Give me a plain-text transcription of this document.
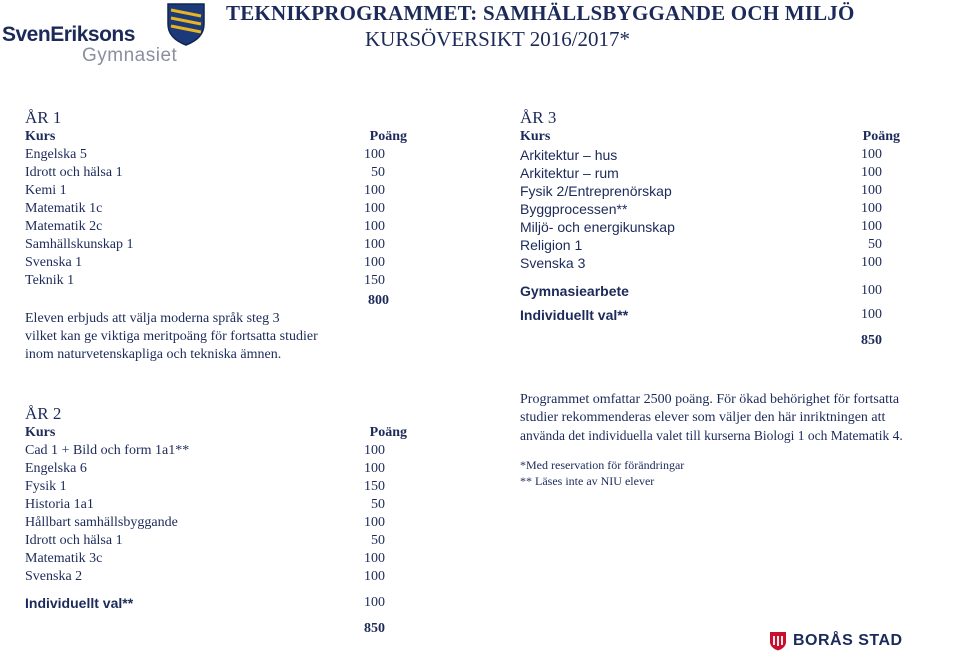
SvenEriksons
Gymnasiet
TEKNIKPROGRAMMET: SAMHÄLLSBYGGANDE OCH MILJÖ
KURSÖVERSIKT 2016/2017*
ÅR 1
Kurs	Poäng
Engelska 5	100
Idrott och hälsa 1	50
Kemi 1	100
Matematik 1c	100
Matematik 2c	100
Samhällskunskap 1	100
Svenska 1	100
Teknik 1	150
800
Eleven erbjuds att välja moderna språk steg 3
vilket kan ge viktiga meritpoäng för fortsatta studier
inom naturvetenskapliga och tekniska ämnen.
ÅR 2
Kurs	Poäng
Cad 1 + Bild och form 1a1**	100
Engelska 6	100
Fysik 1	150
Historia 1a1	50
Hållbart samhällsbyggande	100
Idrott och hälsa 1	50
Matematik 3c	100
Svenska 2	100
Individuellt val**	100
850
ÅR 3
Kurs	Poäng
Arkitektur – hus	100
Arkitektur – rum	100
Fysik 2/Entreprenörskap	100
Byggprocessen**	100
Miljö- och energikunskap	100
Religion 1	50
Svenska 3	100
Gymnasiearbete	100
Individuellt val**	100
850
Programmet omfattar 2500 poäng. För ökad behörighet för fortsatta
studier rekommenderas elever som väljer den här inriktningen att
använda det individuella valet till kurserna Biologi 1 och Matematik 4.
*Med reservation för förändringar
** Läses inte av NIU elever
BORÅS STAD
